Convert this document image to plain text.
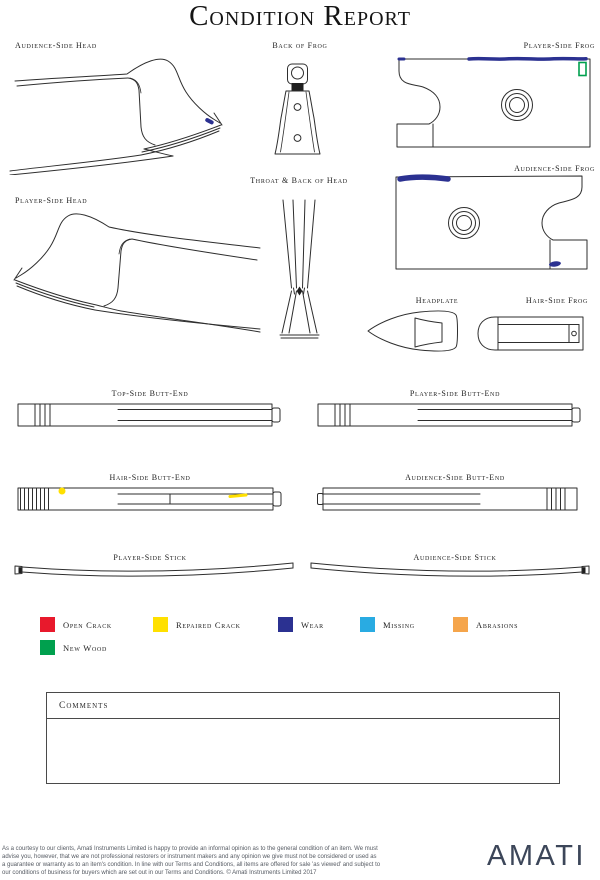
Condition Report
Audience-Side Head	Back of Frog	Player-Side Frog
Audience-Side Frog
Player-Side Head
Throat & Back of Head
Headplate	Hair-Side Frog
Top-Side Butt-End	Player-Side Butt-End
Hair-Side Butt-End	Audience-Side Butt-End
Player-Side Stick	Audience-Side Stick
Open Crack	Repaired Crack	Wear	Missing	Abrasions
New Wood
Comments
As a courtesy to our clients, Amati Instruments Limited is happy to provide an informal opinion as to the general condition of an item. We must
advise you, however, that we are not professional restorers or instrument makers and any opinion we give must not be considered or used as
a guarantee or warranty as to an item's condition. In line with our Terms and Conditions, all items are offered for sale 'as viewed' and subject to
our conditions of business for buyers which are set out in our Terms and Conditions. © Amati Instruments Limited 2017
AMATI
